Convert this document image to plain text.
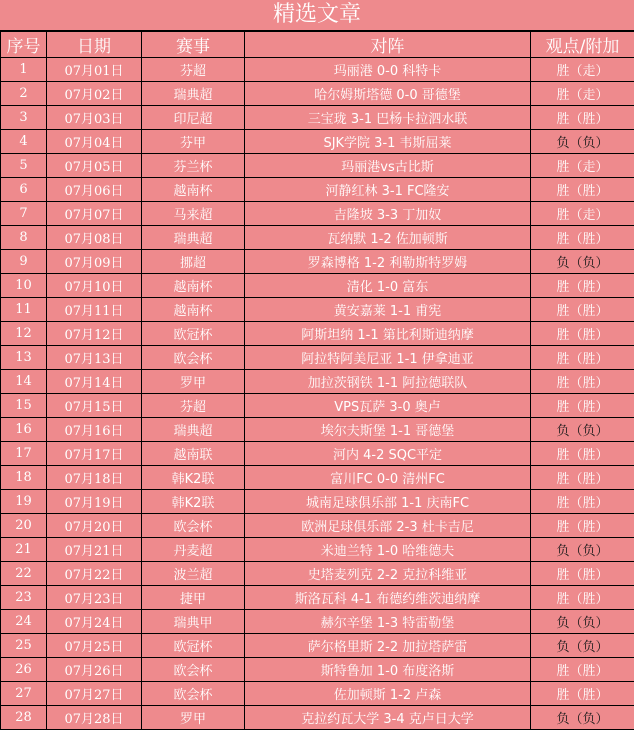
精选文章
序号	日期	赛事	对阵	观点/附加
1	07月01日	芬超	玛丽港 0-0 科特卡	胜（走）
2	07月02日	瑞典超	哈尔姆斯塔德 0-0 哥德堡	胜（走）
3	07月03日	印尼超	三宝珑 3-1 巴杨卡拉泗水联	胜（胜）
4	07月04日	芬甲	SJK学院 3-1 韦斯屈莱	负（负）
5	07月05日	芬兰杯	玛丽港vs古比斯	胜（走）
6	07月06日	越南杯	河静红林 3-1 FC隆安	胜（胜）
7	07月07日	马来超	吉隆坡 3-3 丁加奴	胜（走）
8	07月08日	瑞典超	瓦纳默 1-2 佐加顿斯	胜（胜）
9	07月09日	挪超	罗森博格 1-2 利勒斯特罗姆	负（负）
10	07月10日	越南杯	清化 1-0 富东	胜（胜）
11	07月11日	越南杯	黄安嘉莱 1-1 甫宪	胜（胜）
12	07月12日	欧冠杯	阿斯坦纳 1-1 第比利斯迪纳摩	胜（胜）
13	07月13日	欧会杯	阿拉特阿美尼亚 1-1 伊拿迪亚	胜（胜）
14	07月14日	罗甲	加拉茨钢铁 1-1 阿拉德联队	胜（胜）
15	07月15日	芬超	VPS瓦萨 3-0 奥卢	胜（胜）
16	07月16日	瑞典超	埃尔夫斯堡 1-1 哥德堡	负（负）
17	07月17日	越南联	河内 4-2 SQC平定	胜（胜）
18	07月18日	韩K2联	富川FC 0-0 清州FC	胜（胜）
19	07月19日	韩K2联	城南足球俱乐部 1-1 庆南FC	胜（胜）
20	07月20日	欧会杯	欧洲足球俱乐部 2-3 杜卡吉尼	胜（胜）
21	07月21日	丹麦超	米迪兰特 1-0 哈维德夫	负（负）
22	07月22日	波兰超	史塔麦列克 2-2 克拉科维亚	胜（胜）
23	07月23日	捷甲	斯洛瓦科 4-1 布德约维茨迪纳摩	胜（胜）
24	07月24日	瑞典甲	赫尔辛堡 1-3 特雷勒堡	负（负）
25	07月25日	欧冠杯	萨尔格里斯 2-2 加拉塔萨雷	负（负）
26	07月26日	欧会杯	斯特鲁加 1-0 布度洛斯	胜（胜）
27	07月27日	欧会杯	佐加顿斯 1-2 卢森	胜（胜）
28	07月28日	罗甲	克拉约瓦大学 3-4 克卢日大学	负（负）
